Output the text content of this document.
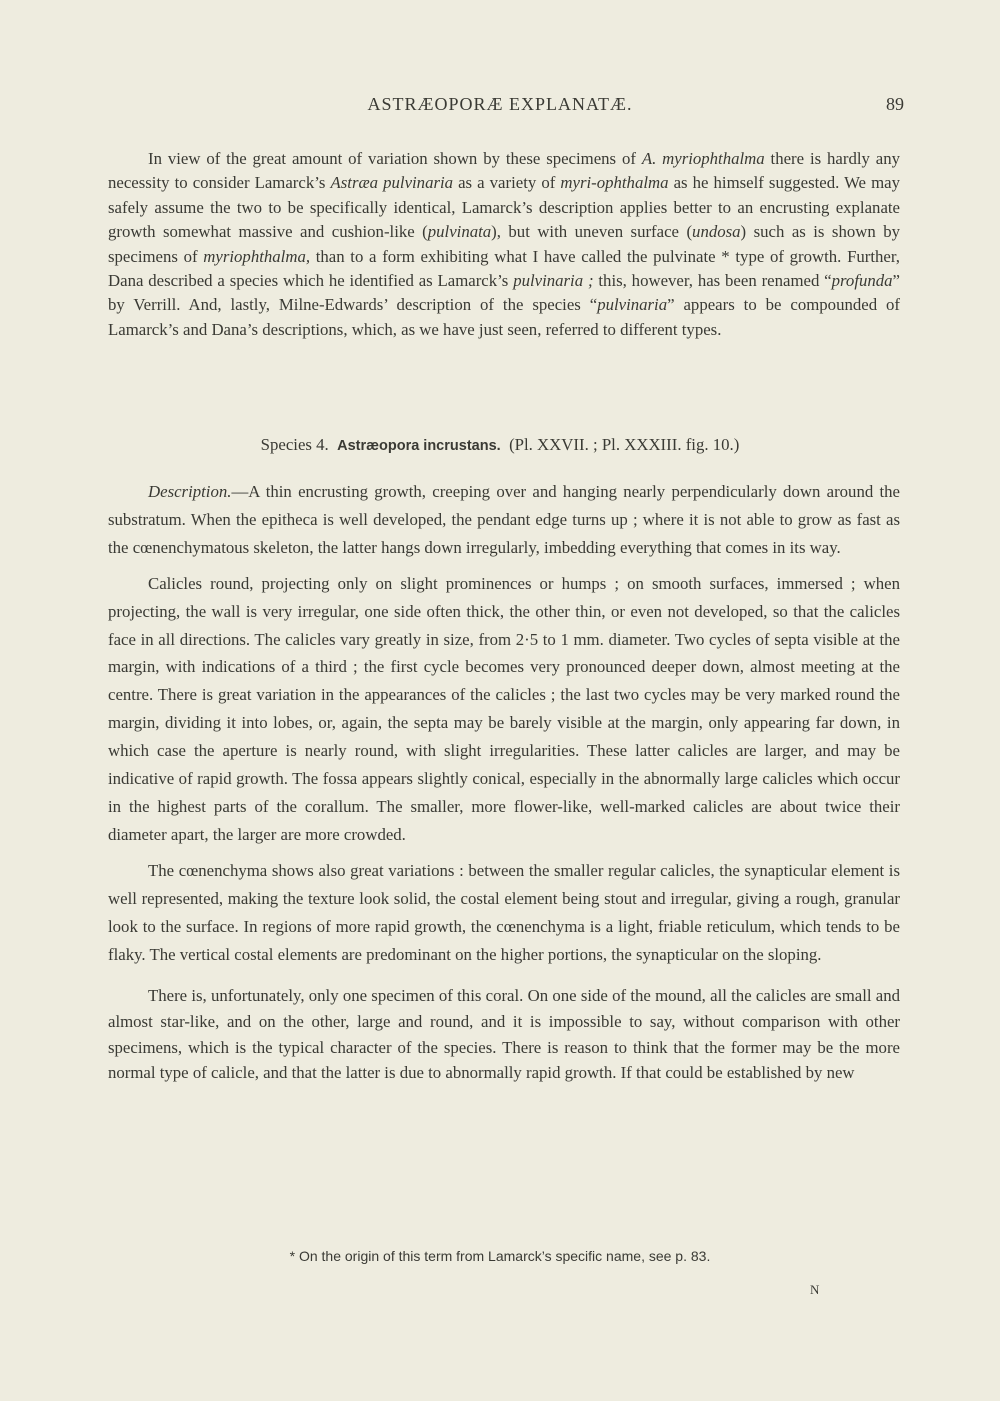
ASTRÆOPORÆ EXPLANATÆ.	89

In view of the great amount of variation shown by these specimens of A. myriophthalma there is hardly any necessity to consider Lamarck’s Astræa pulvinaria as a variety of myri-ophthalma as he himself suggested. We may safely assume the two to be specifically identical, Lamarck’s description applies better to an encrusting explanate growth somewhat massive and cushion-like (pulvinata), but with uneven surface (undosa) such as is shown by specimens of myriophthalma, than to a form exhibiting what I have called the pulvinate * type of growth. Further, Dana described a species which he identified as Lamarck’s pulvinaria ; this, however, has been renamed “profunda” by Verrill. And, lastly, Milne-Edwards’ description of the species “pulvinaria” appears to be compounded of Lamarck’s and Dana’s descriptions, which, as we have just seen, referred to different types.

Species 4. Astræopora incrustans. (Pl. XXVII. ; Pl. XXXIII. fig. 10.)

Description.—A thin encrusting growth, creeping over and hanging nearly perpendicularly down around the substratum. When the epitheca is well developed, the pendant edge turns up ; where it is not able to grow as fast as the cœnenchymatous skeleton, the latter hangs down irregularly, imbedding everything that comes in its way.

Calicles round, projecting only on slight prominences or humps ; on smooth surfaces, immersed ; when projecting, the wall is very irregular, one side often thick, the other thin, or even not developed, so that the calicles face in all directions. The calicles vary greatly in size, from 2·5 to 1 mm. diameter. Two cycles of septa visible at the margin, with indications of a third ; the first cycle becomes very pronounced deeper down, almost meeting at the centre. There is great variation in the appearances of the calicles ; the last two cycles may be very marked round the margin, dividing it into lobes, or, again, the septa may be barely visible at the margin, only appearing far down, in which case the aperture is nearly round, with slight irregularities. These latter calicles are larger, and may be indicative of rapid growth. The fossa appears slightly conical, especially in the abnormally large calicles which occur in the highest parts of the corallum. The smaller, more flower-like, well-marked calicles are about twice their diameter apart, the larger are more crowded.

The cœnenchyma shows also great variations : between the smaller regular calicles, the synapticular element is well represented, making the texture look solid, the costal element being stout and irregular, giving a rough, granular look to the surface. In regions of more rapid growth, the cœnenchyma is a light, friable reticulum, which tends to be flaky. The vertical costal elements are predominant on the higher portions, the synapticular on the sloping.

There is, unfortunately, only one specimen of this coral. On one side of the mound, all the calicles are small and almost star-like, and on the other, large and round, and it is impossible to say, without comparison with other specimens, which is the typical character of the species. There is reason to think that the former may be the more normal type of calicle, and that the latter is due to abnormally rapid growth. If that could be established by new

* On the origin of this term from Lamarck’s specific name, see p. 83.
N
